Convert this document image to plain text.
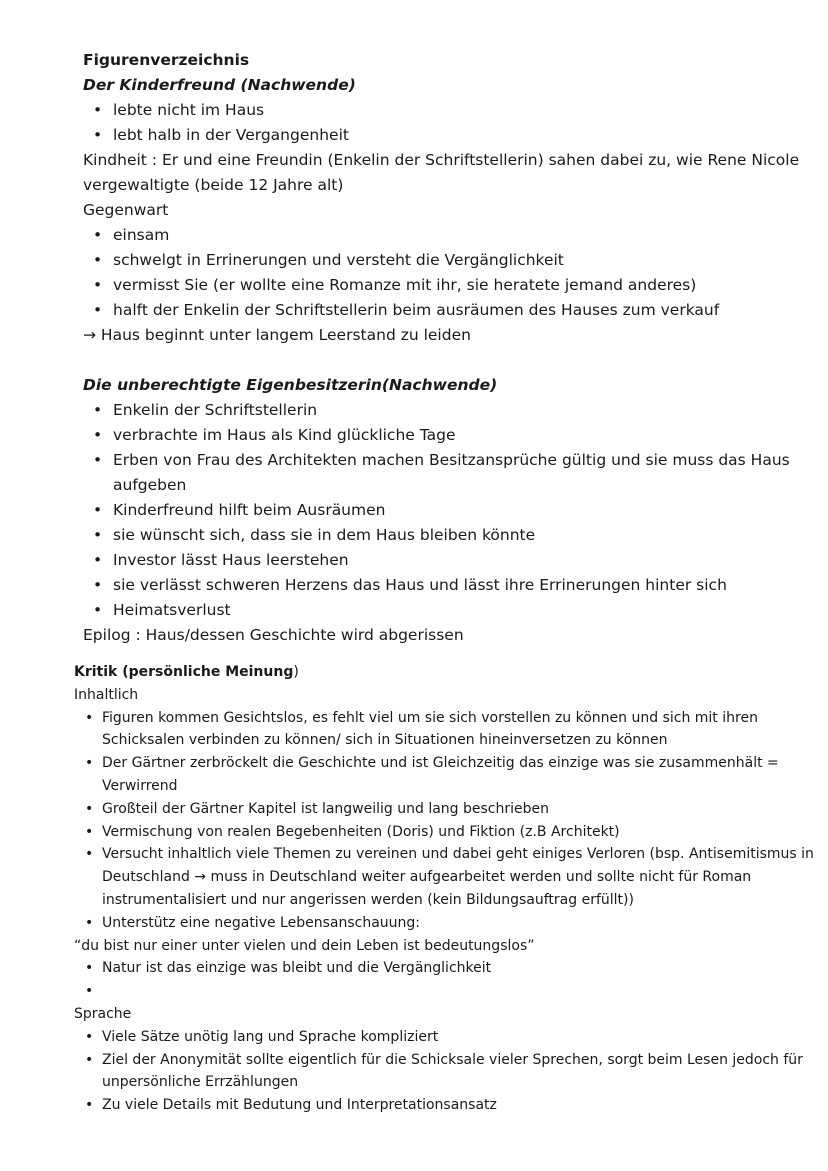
Figurenverzeichnis

Der Kinderfreund (Nachwende)

• lebte nicht im Haus
• lebt halb in der Vergangenheit

Kindheit : Er und eine Freundin (Enkelin der Schriftstellerin) sahen dabei zu, wie Rene Nicole vergewaltigte (beide 12 Jahre alt)

Gegenwart

• einsam
• schwelgt in Errinerungen und versteht die Vergänglichkeit
• vermisst Sie (er wollte eine Romanze mit ihr, sie heratete jemand anderes)
• halft der Enkelin der Schriftstellerin beim ausräumen des Hauses zum verkauf

→ Haus beginnt unter langem Leerstand zu leiden

Die unberechtigte Eigenbesitzerin(Nachwende)

• Enkelin der Schriftstellerin
• verbrachte im Haus als Kind glückliche Tage
• Erben von Frau des Architekten machen Besitzansprüche gültig und sie muss das Haus aufgeben
• Kinderfreund hilft beim Ausräumen
• sie wünscht sich, dass sie in dem Haus bleiben könnte
• Investor lässt Haus leerstehen
• sie verlässt schweren Herzens das Haus und lässt ihre Errinerungen hinter sich
• Heimatsverlust

Epilog : Haus/dessen Geschichte wird abgerissen

Kritik (persönliche Meinung)

Inhaltlich

• Figuren kommen Gesichtslos, es fehlt viel um sie sich vorstellen zu können und sich mit ihren Schicksalen verbinden zu können/ sich in Situationen hineinversetzen zu können
• Der Gärtner zerbröckelt die Geschichte und ist Gleichzeitig das einzige was sie zusammenhält = Verwirrend
• Großteil der Gärtner Kapitel ist langweilig und lang beschrieben
• Vermischung von realen Begebenheiten (Doris) und Fiktion (z.B Architekt)
• Versucht inhaltlich viele Themen zu vereinen und dabei geht einiges Verloren (bsp. Antisemitismus in Deutschland → muss in Deutschland weiter aufgearbeitet werden und sollte nicht für Roman instrumentalisiert und nur angerissen werden (kein Bildungsauftrag erfüllt))
• Unterstütz eine negative Lebensanschauung:

“du bist nur einer unter vielen und dein Leben ist bedeutungslos”

• Natur ist das einzige was bleibt und die Vergänglichkeit
•

Sprache

• Viele Sätze unötig lang und Sprache kompliziert
• Ziel der Anonymität sollte eigentlich für die Schicksale vieler Sprechen, sorgt beim Lesen jedoch für unpersönliche Errzählungen
• Zu viele Details mit Bedutung und Interpretationsansatz
